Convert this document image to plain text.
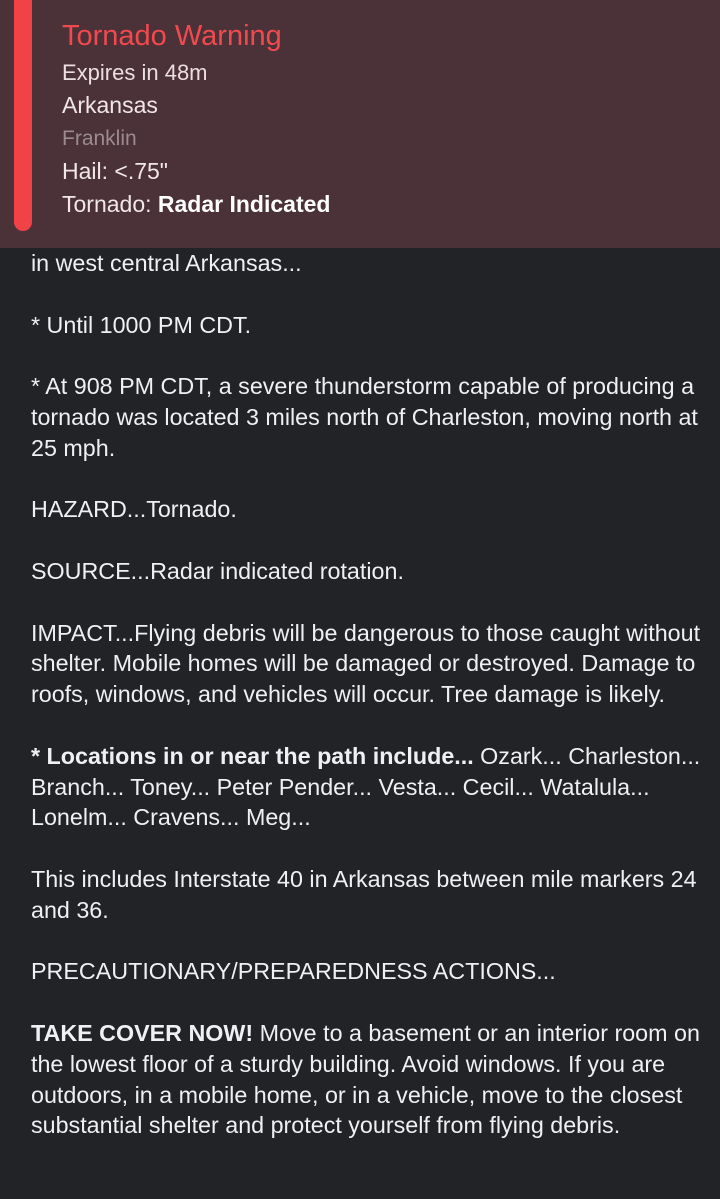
Tornado Warning
Expires in 48m
Arkansas
Franklin
Hail: <.75"
Tornado: Radar Indicated

in west central Arkansas...

* Until 1000 PM CDT.

* At 908 PM CDT, a severe thunderstorm capable of producing a tornado was located 3 miles north of Charleston, moving north at 25 mph.

HAZARD...Tornado.

SOURCE...Radar indicated rotation.

IMPACT...Flying debris will be dangerous to those caught without shelter. Mobile homes will be damaged or destroyed. Damage to roofs, windows, and vehicles will occur. Tree damage is likely.

* Locations in or near the path include... Ozark... Charleston... Branch... Toney... Peter Pender... Vesta... Cecil... Watalula... Lonelm... Cravens... Meg...

This includes Interstate 40 in Arkansas between mile markers 24 and 36.

PRECAUTIONARY/PREPAREDNESS ACTIONS...

TAKE COVER NOW! Move to a basement or an interior room on the lowest floor of a sturdy building. Avoid windows. If you are outdoors, in a mobile home, or in a vehicle, move to the closest substantial shelter and protect yourself from flying debris.
